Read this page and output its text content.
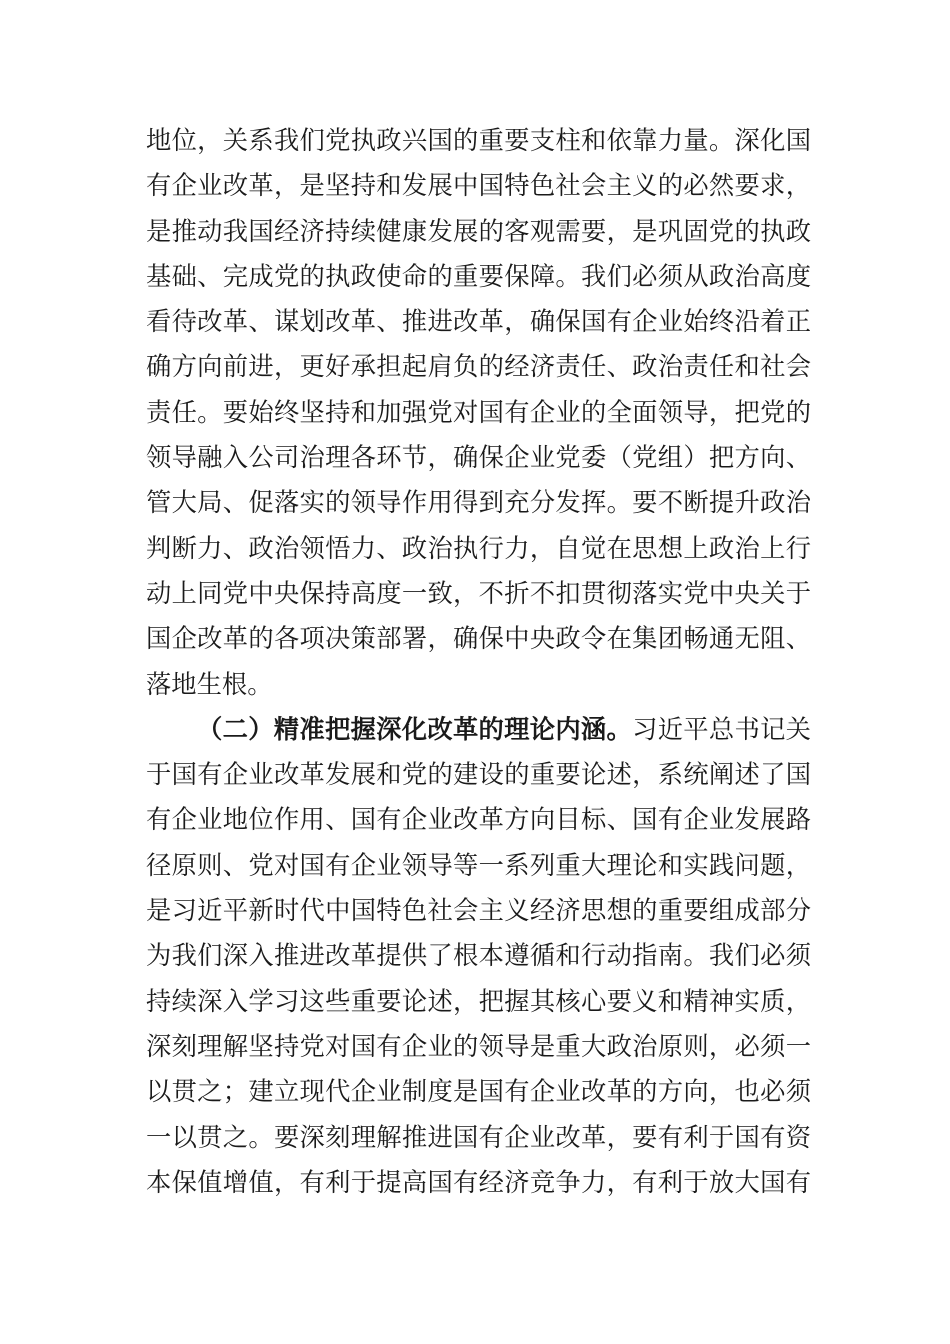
地位，关系我们党执政兴国的重要支柱和依靠力量。深化国
有企业改革，是坚持和发展中国特色社会主义的必然要求，
是推动我国经济持续健康发展的客观需要，是巩固党的执政
基础、完成党的执政使命的重要保障。我们必须从政治高度
看待改革、谋划改革、推进改革，确保国有企业始终沿着正
确方向前进，更好承担起肩负的经济责任、政治责任和社会
责任。要始终坚持和加强党对国有企业的全面领导，把党的
领导融入公司治理各环节，确保企业党委（党组）把方向、
管大局、促落实的领导作用得到充分发挥。要不断提升政治
判断力、政治领悟力、政治执行力，自觉在思想上政治上行
动上同党中央保持高度一致，不折不扣贯彻落实党中央关于
国企改革的各项决策部署，确保中央政令在集团畅通无阻、
落地生根。
（二）精准把握深化改革的理论内涵。习近平总书记关
于国有企业改革发展和党的建设的重要论述，系统阐述了国
有企业地位作用、国有企业改革方向目标、国有企业发展路
径原则、党对国有企业领导等一系列重大理论和实践问题，
是习近平新时代中国特色社会主义经济思想的重要组成部分
为我们深入推进改革提供了根本遵循和行动指南。我们必须
持续深入学习这些重要论述，把握其核心要义和精神实质，
深刻理解坚持党对国有企业的领导是重大政治原则，必须一
以贯之；建立现代企业制度是国有企业改革的方向，也必须
一以贯之。要深刻理解推进国有企业改革，要有利于国有资
本保值增值，有利于提高国有经济竞争力，有利于放大国有
